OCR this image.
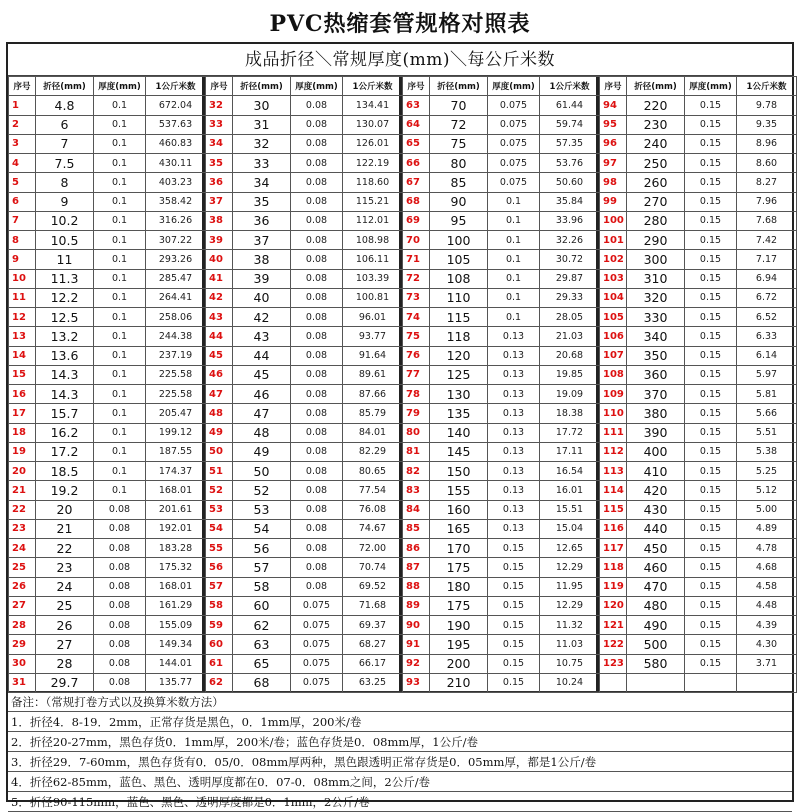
PVC热缩套管规格对照表
成品折径＼常规厚度(mm)＼每公斤米数
序号	折径(mm)	厚度(mm)	1公斤米数
1	4.8	0.1	672.04
2	6	0.1	537.63
3	7	0.1	460.83
4	7.5	0.1	430.11
5	8	0.1	403.23
6	9	0.1	358.42
7	10.2	0.1	316.26
8	10.5	0.1	307.22
9	11	0.1	293.26
10	11.3	0.1	285.47
11	12.2	0.1	264.41
12	12.5	0.1	258.06
13	13.2	0.1	244.38
14	13.6	0.1	237.19
15	14.3	0.1	225.58
16	14.3	0.1	225.58
17	15.7	0.1	205.47
18	16.2	0.1	199.12
19	17.2	0.1	187.55
20	18.5	0.1	174.37
21	19.2	0.1	168.01
22	20	0.08	201.61
23	21	0.08	192.01
24	22	0.08	183.28
25	23	0.08	175.32
26	24	0.08	168.01
27	25	0.08	161.29
28	26	0.08	155.09
29	27	0.08	149.34
30	28	0.08	144.01
31	29.7	0.08	135.77
序号	折径(mm)	厚度(mm)	1公斤米数
32	30	0.08	134.41
33	31	0.08	130.07
34	32	0.08	126.01
35	33	0.08	122.19
36	34	0.08	118.60
37	35	0.08	115.21
38	36	0.08	112.01
39	37	0.08	108.98
40	38	0.08	106.11
41	39	0.08	103.39
42	40	0.08	100.81
43	42	0.08	96.01
44	43	0.08	93.77
45	44	0.08	91.64
46	45	0.08	89.61
47	46	0.08	87.66
48	47	0.08	85.79
49	48	0.08	84.01
50	49	0.08	82.29
51	50	0.08	80.65
52	52	0.08	77.54
53	53	0.08	76.08
54	54	0.08	74.67
55	56	0.08	72.00
56	57	0.08	70.74
57	58	0.08	69.52
58	60	0.075	71.68
59	62	0.075	69.37
60	63	0.075	68.27
61	65	0.075	66.17
62	68	0.075	63.25
序号	折径(mm)	厚度(mm)	1公斤米数
63	70	0.075	61.44
64	72	0.075	59.74
65	75	0.075	57.35
66	80	0.075	53.76
67	85	0.075	50.60
68	90	0.1	35.84
69	95	0.1	33.96
70	100	0.1	32.26
71	105	0.1	30.72
72	108	0.1	29.87
73	110	0.1	29.33
74	115	0.1	28.05
75	118	0.13	21.03
76	120	0.13	20.68
77	125	0.13	19.85
78	130	0.13	19.09
79	135	0.13	18.38
80	140	0.13	17.72
81	145	0.13	17.11
82	150	0.13	16.54
83	155	0.13	16.01
84	160	0.13	15.51
85	165	0.13	15.04
86	170	0.15	12.65
87	175	0.15	12.29
88	180	0.15	11.95
89	175	0.15	12.29
90	190	0.15	11.32
91	195	0.15	11.03
92	200	0.15	10.75
93	210	0.15	10.24
序号	折径(mm)	厚度(mm)	1公斤米数
94	220	0.15	9.78
95	230	0.15	9.35
96	240	0.15	8.96
97	250	0.15	8.60
98	260	0.15	8.27
99	270	0.15	7.96
100	280	0.15	7.68
101	290	0.15	7.42
102	300	0.15	7.17
103	310	0.15	6.94
104	320	0.15	6.72
105	330	0.15	6.52
106	340	0.15	6.33
107	350	0.15	6.14
108	360	0.15	5.97
109	370	0.15	5.81
110	380	0.15	5.66
111	390	0.15	5.51
112	400	0.15	5.38
113	410	0.15	5.25
114	420	0.15	5.12
115	430	0.15	5.00
116	440	0.15	4.89
117	450	0.15	4.78
118	460	0.15	4.68
119	470	0.15	4.58
120	480	0.15	4.48
121	490	0.15	4.39
122	500	0.15	4.30
123	580	0.15	3.71

备注：（常规打卷方式以及换算米数方法）
1．折径4．8-19．2mm，正常存货是黑色，0．1mm厚，200米/卷
2．折径20-27mm，黑色存货0．1mm厚，200米/卷；蓝色存货是0．08mm厚，1公斤/卷
3．折径29．7-60mm，黑色存货有0．05/0．08mm厚两种，黑色跟透明正常存货是0．05mm厚，都是1公斤/卷
4．折径62-85mm，蓝色、黑色、透明厚度都在0．07-0．08mm之间，2公斤/卷
5．折径90-115mm，蓝色、黑色、透明厚度都是0．1mm，2公斤/卷
